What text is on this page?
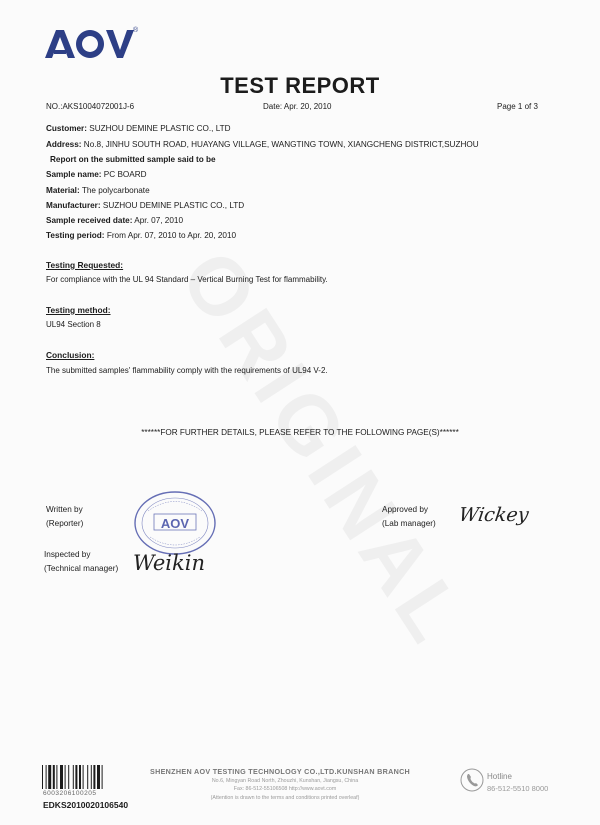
®
TEST REPORT
NO.:AKS1004072001J-6	Date: Apr. 20, 2010	Page 1 of 3
Customer: SUZHOU DEMINE PLASTIC CO., LTD
Address: No.8, JINHU SOUTH ROAD, HUAYANG VILLAGE, WANGTING TOWN, XIANGCHENG DISTRICT,SUZHOU
Report on the submitted sample said to be
Sample name: PC BOARD
Material: The polycarbonate
Manufacturer: SUZHOU DEMINE PLASTIC CO., LTD
Sample received date: Apr. 07, 2010
Testing period: From Apr. 07, 2010 to Apr. 20, 2010
Testing Requested:
For compliance with the UL 94 Standard – Vertical Burning Test for flammability.
Testing method:
UL94 Section 8
Conclusion:
The submitted samples' flammability comply with the requirements of UL94 V-2.
******FOR FURTHER DETAILS, PLEASE REFER TO THE FOLLOWING PAGE(S)******
Written by
(Reporter)
Inspected by
(Technical manager)
Approved by
(Lab manager)
AOV
Weikin
Wickey
6003206100205
EDKS2010020106540
SHENZHEN AOV TESTING TECHNOLOGY CO.,LTD.KUNSHAN BRANCH
No.6, Mingyan Road North, Zhouzhi, Kunshan, Jiangsu, China
Fax: 86-512-55106508 http://www.aovt.com
(Attention is drawn to the terms and conditions printed overleaf)
Hotline
86-512-5510 8000
